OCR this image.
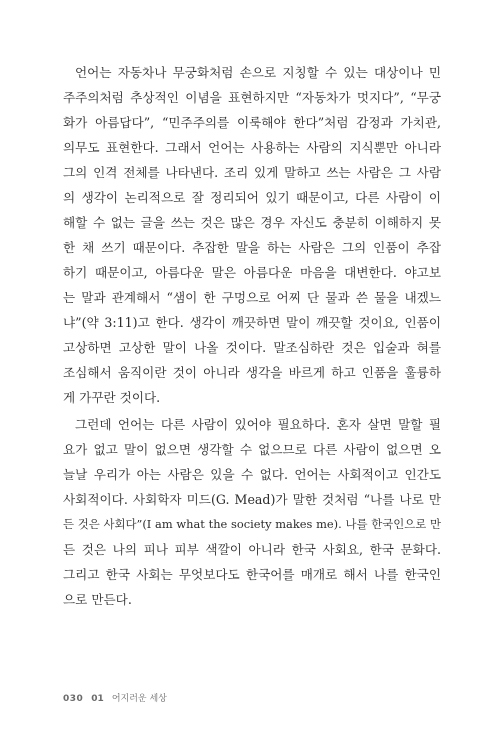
언어는 자동차나 무궁화처럼 손으로 지칭할 수 있는 대상이나 민
주주의처럼 추상적인 이념을 표현하지만 “자동차가 멋지다”, “무궁
화가 아름답다”, “민주주의를 이룩해야 한다”처럼 감정과 가치관,
의무도 표현한다. 그래서 언어는 사용하는 사람의 지식뿐만 아니라
그의 인격 전체를 나타낸다. 조리 있게 말하고 쓰는 사람은 그 사람
의 생각이 논리적으로 잘 정리되어 있기 때문이고, 다른 사람이 이
해할 수 없는 글을 쓰는 것은 많은 경우 자신도 충분히 이해하지 못
한 채 쓰기 때문이다. 추잡한 말을 하는 사람은 그의 인품이 추잡
하기 때문이고, 아름다운 말은 아름다운 마음을 대변한다. 야고보
는 말과 관계해서 “샘이 한 구멍으로 어찌 단 물과 쓴 물을 내겠느
냐”(약 3:11)고 한다. 생각이 깨끗하면 말이 깨끗할 것이요, 인품이
고상하면 고상한 말이 나올 것이다. 말조심하란 것은 입술과 혀를
조심해서 움직이란 것이 아니라 생각을 바르게 하고 인품을 훌륭하
게 가꾸란 것이다.
그런데 언어는 다른 사람이 있어야 필요하다. 혼자 살면 말할 필
요가 없고 말이 없으면 생각할 수 없으므로 다른 사람이 없으면 오
늘날 우리가 아는 사람은 있을 수 없다. 언어는 사회적이고 인간도
사회적이다. 사회학자 미드(G. Mead)가 말한 것처럼 “나를 나로 만
든 것은 사회다”(I am what the society makes me). 나를 한국인으로 만
든 것은 나의 피나 피부 색깔이 아니라 한국 사회요, 한국 문화다.
그리고 한국 사회는 무엇보다도 한국어를 매개로 해서 나를 한국인
으로 만든다.
030 01 어지러운 세상
